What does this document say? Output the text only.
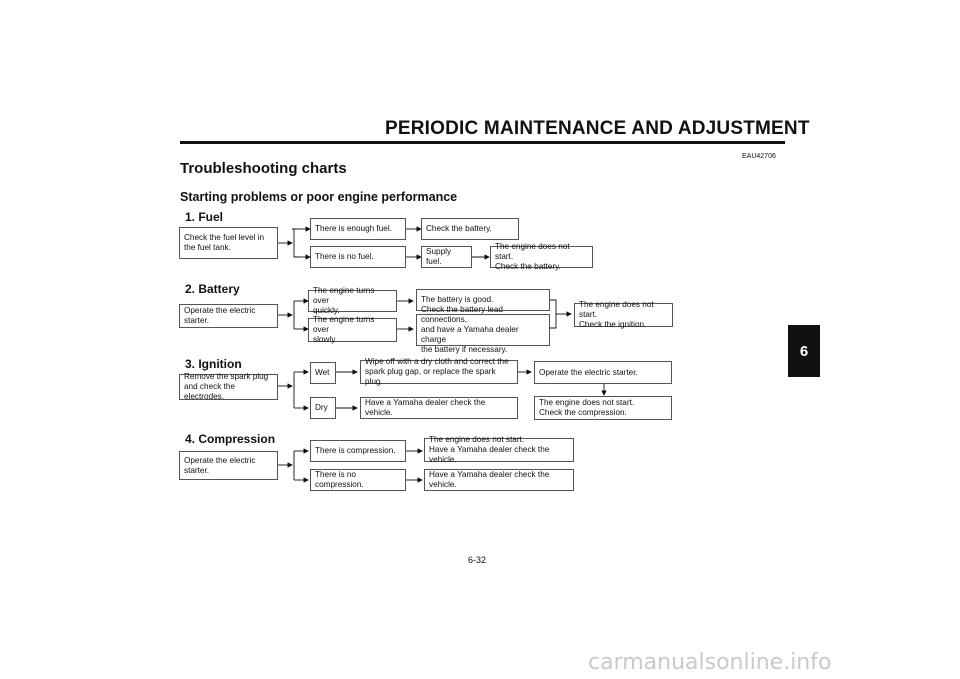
PERIODIC MAINTENANCE AND ADJUSTMENT
EAU42706
Troubleshooting charts
Starting problems or poor engine performance
1. Fuel
Check the fuel level in
the fuel tank.
There is enough fuel.	Check the battery.
There is no fuel.
Supply fuel.
The engine does not start.
Check the battery.
2. Battery
Operate the electric starter.
The engine turns over
quickly.
The battery is good.
The engine turns over
slowly.
connections,
and have a Yamaha dealer charge
the battery if necessary.
The engine does not start.
Check the ignition.
3. Ignition
Remove the spark plug
and check the electrodes.
Wet
Wipe off with a dry cloth and correct the
spark plug gap, or replace the spark plug.
Operate the electric starter.
Dry
Have a Yamaha dealer check the vehicle.
The engine does not start.
Check the compression.
4. Compression
Operate the electric starter.
There is compression.
The engine does not start.
Have a Yamaha dealer check the vehicle.
There is no compression.
Have a Yamaha dealer check the vehicle.
6
6-32
carmanualsonline.info
